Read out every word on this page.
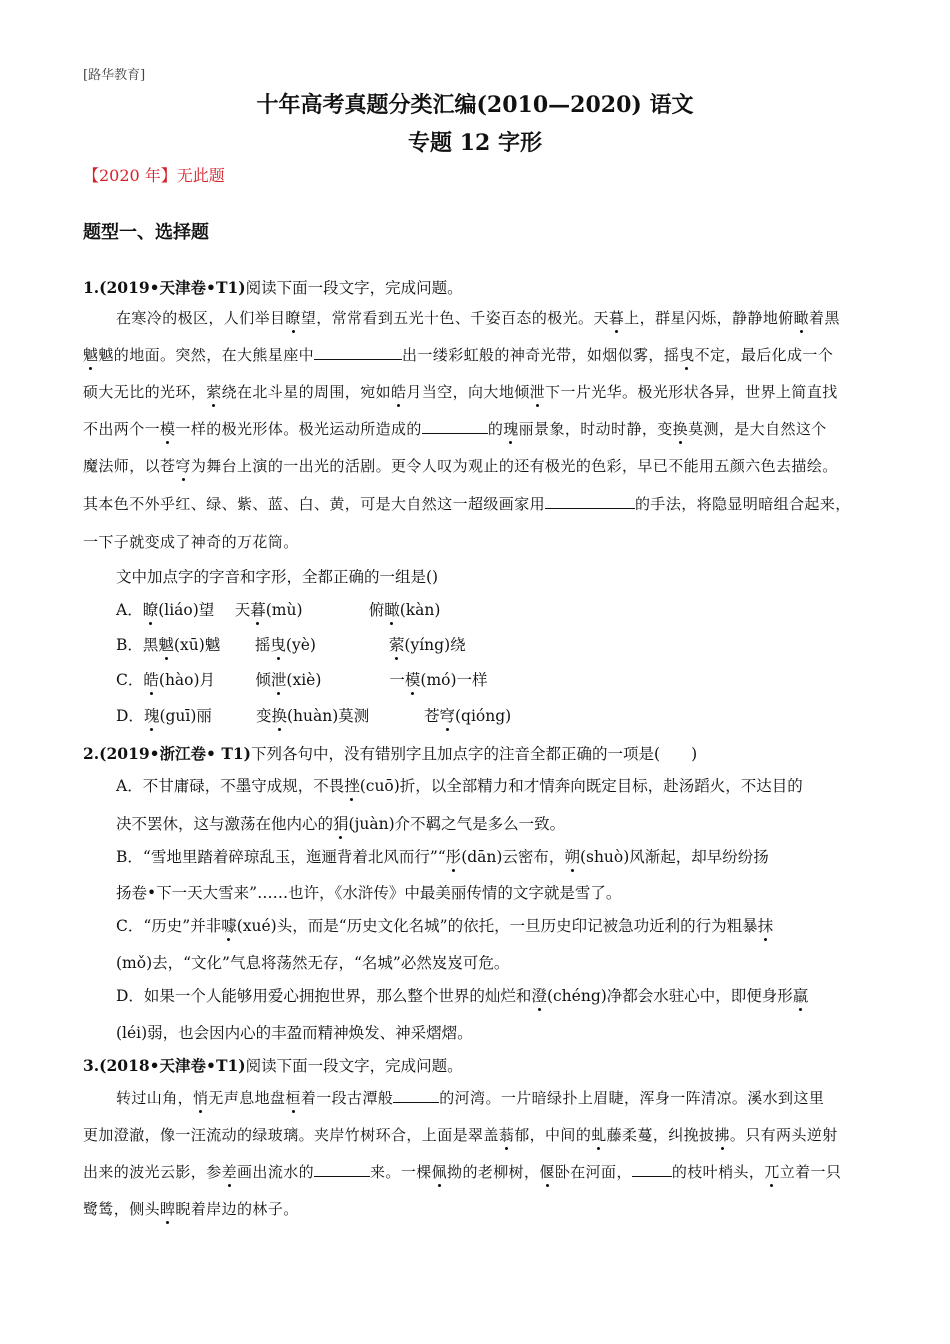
[路华教育]
十年高考真题分类汇编(2010—2020) 语文
专题 12 字形
【2020 年】无此题
题型一、选择题
1.(2019•天津卷•T1)阅读下面一段文字，完成问题。
在寒冷的极区，人们举目瞭望，常常看到五光十色、千姿百态的极光。天暮上，群星闪烁，静静地俯瞰着黑
魆魆的地面。突然，在大熊星座中	出一缕彩虹般的神奇光带，如烟似雾，摇曳不定，最后化成一个
硕大无比的光环，萦绕在北斗星的周围，宛如皓月当空，向大地倾泄下一片光华。极光形状各异，世界上简直找
不出两个一模一样的极光形体。极光运动所造成的	的瑰丽景象，时动时静，变换莫测，是大自然这个
魔法师，以苍穹为舞台上演的一出光的活剧。更令人叹为观止的还有极光的色彩，早已不能用五颜六色去描绘。
其本色不外乎红、绿、紫、蓝、白、黄，可是大自然这一超级画家用	的手法，将隐显明暗组合起来，
一下子就变成了神奇的万花筒。
文中加点字的字音和字形，全都正确的一组是()
A．瞭(liáo)望 天暮(mù)	俯瞰(kàn)
B．黑魆(xū)魆 摇曳(yè)	萦(yíng)绕
C．皓(hào)月	倾泄(xiè)	一模(mó)一样
D．瑰(guī)丽	变换(huàn)莫测	苍穹(qióng)
2.(2019•浙江卷• T1)下列各句中，没有错别字且加点字的注音全都正确的一项是(　　)
A．不甘庸碌，不墨守成规，不畏挫(cuō)折，以全部精力和才情奔向既定目标，赴汤蹈火，不达目的
决不罢休，这与激荡在他内心的狷(juàn)介不羁之气是多么一致。
B．“雪地里踏着碎琼乱玉，迤逦背着北风而行”“彤(dān)云密布，朔(shuò)风渐起，却早纷纷扬
扬卷•下一天大雪来”……也许，《水浒传》中最美丽传情的文字就是雪了。
C．“历史”并非噱(xué)头，而是“历史文化名城”的依托，一旦历史印记被急功近利的行为粗暴抹
(mǒ)去，“文化”气息将荡然无存，“名城”必然岌岌可危。
D．如果一个人能够用爱心拥抱世界，那么整个世界的灿烂和澄(chéng)净都会水驻心中，即便身形羸
(léi)弱，也会因内心的丰盈而精神焕发、神采熠熠。
3.(2018•天津卷•T1)阅读下面一段文字，完成问题。
转过山角，悄无声息地盘桓着一段古潭般	的河湾。一片暗绿扑上眉睫，浑身一阵清凉。溪水到这里
更加澄澈，像一汪流动的绿玻璃。夹岸竹树环合，上面是翠盖蓊郁，中间的虬藤柔蔓，纠挽披拂。只有两头逆射
出来的波光云影，参差画出流水的	来。一棵佩拗的老柳树，偃卧在河面，	的枝叶梢头，兀立着一只
鹭鸶，侧头睥睨着岸边的林子。
